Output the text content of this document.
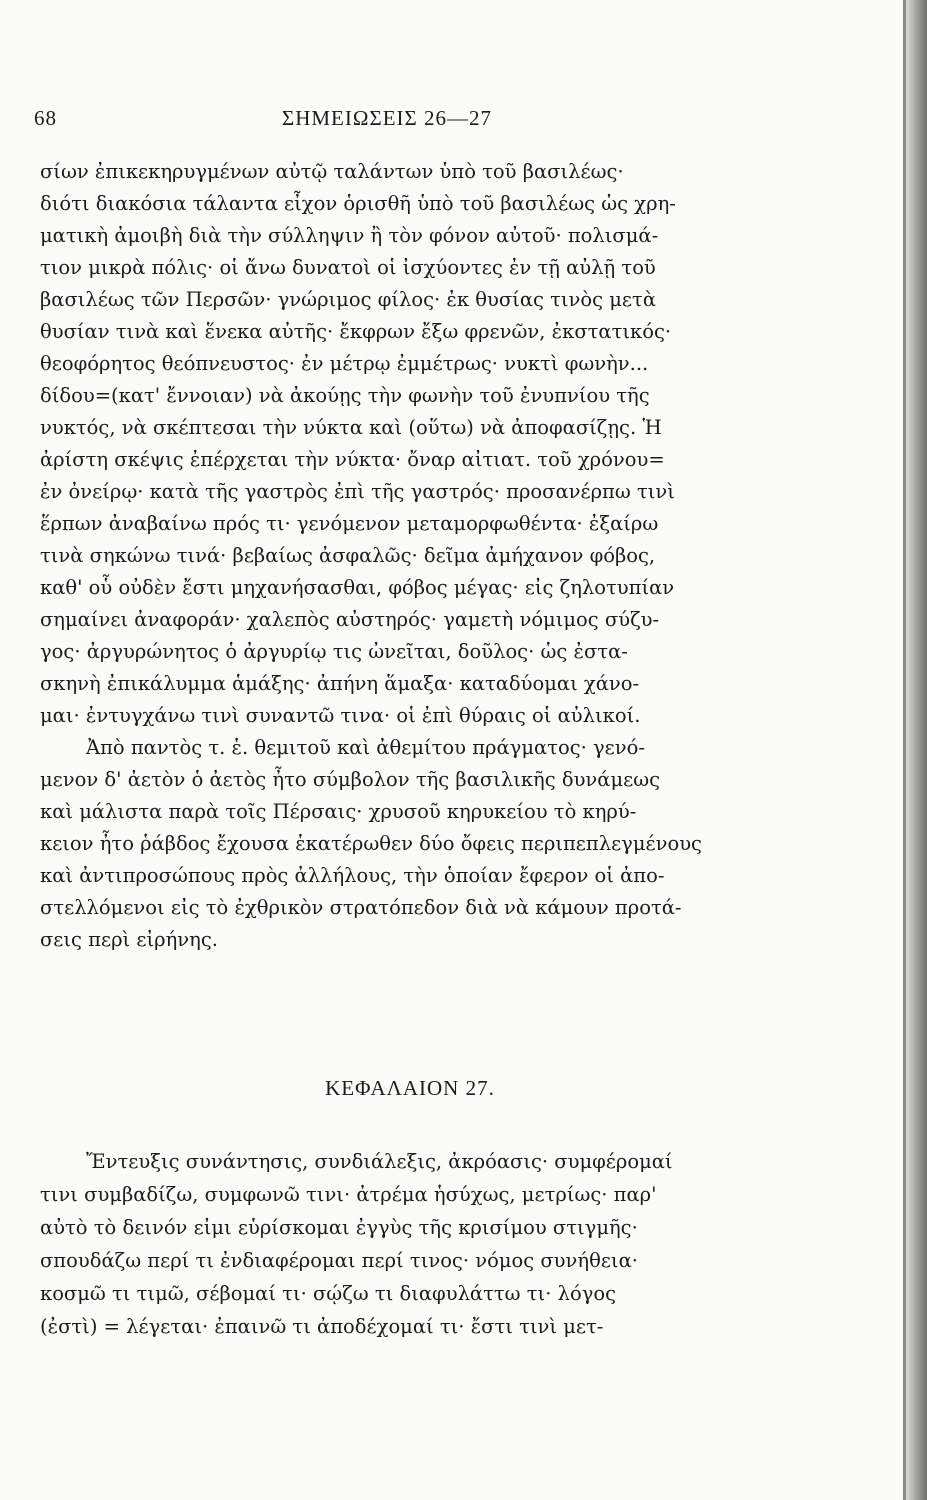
68	ΣΗΜΕΙΩΣΕΙΣ 26—27
σίων ἐπικεκηρυγμένων αὐτῷ ταλάντων ὑπὸ τοῦ βασιλέως·
διότι διακόσια τάλαντα εἶχον ὁρισθῆ ὑπὸ τοῦ βασιλέως ὡς χρη-
ματικὴ ἀμοιβὴ διὰ τὴν σύλληψιν ἢ τὸν φόνον αὐτοῦ· πολισμά-
τιον μικρὰ πόλις· οἱ ἄνω δυνατοὶ οἱ ἰσχύοντες ἐν τῇ αὐλῇ τοῦ
βασιλέως τῶν Περσῶν· γνώριμος φίλος· ἐκ θυσίας τινὸς μετὰ
θυσίαν τινὰ καὶ ἕνεκα αὐτῆς· ἔκφρων ἔξω φρενῶν, ἐκστατικός·
θεοφόρητος θεόπνευστος· ἐν μέτρῳ ἐμμέτρως· νυκτὶ φωνὴν...
δίδου=(κατ' ἔννοιαν) νὰ ἀκούῃς τὴν φωνὴν τοῦ ἐνυπνίου τῆς
νυκτός, νὰ σκέπτεσαι τὴν νύκτα καὶ (οὕτω) νὰ ἀποφασίζῃς. Ἡ
ἀρίστη σκέψις ἐπέρχεται τὴν νύκτα· ὄναρ αἰτιατ. τοῦ χρόνου=
ἐν ὀνείρῳ· κατὰ τῆς γαστρὸς ἐπὶ τῆς γαστρός· προσανέρπω τινὶ
ἕρπων ἀναβαίνω πρός τι· γενόμενον μεταμορφωθέντα· ἐξαίρω
τινὰ σηκώνω τινά· βεβαίως ἀσφαλῶς· δεῖμα ἀμήχανον φόβος,
καθ' οὗ οὐδὲν ἔστι μηχανήσασθαι, φόβος μέγας· εἰς ζηλοτυπίαν
σημαίνει ἀναφοράν· χαλεπὸς αὐστηρός· γαμετὴ νόμιμος σύζυ-
γος· ἀργυρώνητος ὁ ἀργυρίῳ τις ὠνεῖται, δοῦλος· ὡς ἐστα-
σκηνὴ ἐπικάλυμμα ἁμάξης· ἀπήνη ἅμαξα· καταδύομαι χάνο-
μαι· ἐντυγχάνω τινὶ συναντῶ τινα· οἱ ἐπὶ θύραις οἱ αὐλικοί.
Ἀπὸ παντὸς τ. ἑ. θεμιτοῦ καὶ ἀθεμίτου πράγματος· γενό-
μενον δ' ἀετὸν ὁ ἀετὸς ἦτο σύμβολον τῆς βασιλικῆς δυνάμεως
καὶ μάλιστα παρὰ τοῖς Πέρσαις· χρυσοῦ κηρυκείου τὸ κηρύ-
κειον ἦτο ῥάβδος ἔχουσα ἑκατέρωθεν δύο ὄφεις περιπεπλεγμένους
καὶ ἀντιπροσώπους πρὸς ἀλλήλους, τὴν ὁποίαν ἔφερον οἱ ἀπο-
στελλόμενοι εἰς τὸ ἐχθρικὸν στρατόπεδον διὰ νὰ κάμουν προτά-
σεις περὶ εἰρήνης.
ΚΕΦΑΛΑΙΟΝ 27.
Ἔντευξις συνάντησις, συνδιάλεξις, ἀκρόασις· συμφέρομαί
τινι συμβαδίζω, συμφωνῶ τινι· ἀτρέμα ἡσύχως, μετρίως· παρ'
αὐτὸ τὸ δεινόν εἰμι εὑρίσκομαι ἐγγὺς τῆς κρισίμου στιγμῆς·
σπουδάζω περί τι ἐνδιαφέρομαι περί τινος· νόμος συνήθεια·
κοσμῶ τι τιμῶ, σέβομαί τι· σῴζω τι διαφυλάττω τι· λόγος
(ἐστὶ) = λέγεται· ἐπαινῶ τι ἀποδέχομαί τι· ἔστι τινὶ μετ-
